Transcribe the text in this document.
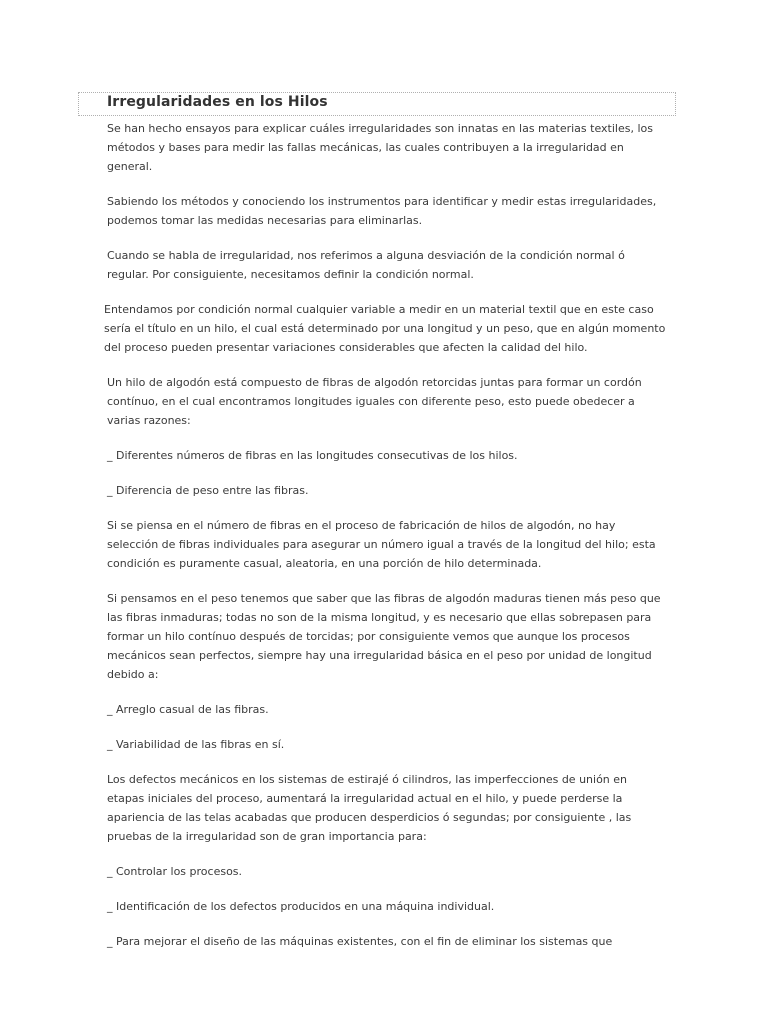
Irregularidades en los Hilos

Se han hecho ensayos para explicar cuáles irregularidades son innatas en las materias textiles, los métodos y bases para medir las fallas mecánicas, las cuales contribuyen a la irregularidad en general.

Sabiendo los métodos y conociendo los instrumentos para identificar y medir estas irregularidades, podemos tomar las medidas necesarias para eliminarlas.

Cuando se habla de irregularidad, nos referimos a alguna desviación de la condición normal ó regular. Por consiguiente, necesitamos definir la condición normal.

Entendamos por condición normal cualquier variable a medir en un material textil que en este caso sería el título en un hilo, el cual está determinado por una longitud y un peso, que en algún momento del proceso pueden presentar variaciones considerables que afecten la calidad del hilo.

Un hilo de algodón está compuesto de fibras de algodón retorcidas juntas para formar un cordón contínuo, en el cual encontramos longitudes iguales con diferente peso, esto puede obedecer a varias razones:

_ Diferentes números de fibras en las longitudes consecutivas de los hilos.

_ Diferencia de peso entre las fibras.

Si se piensa en el número de fibras en el proceso de fabricación de hilos de algodón, no hay selección de fibras individuales para asegurar un número igual a través de la longitud del hilo; esta condición es puramente casual, aleatoria, en una porción de hilo determinada.

Si pensamos en el peso tenemos que saber que las fibras de algodón maduras tienen más peso que las fibras inmaduras; todas no son de la misma longitud, y es necesario que ellas sobrepasen para formar un hilo contínuo después de torcidas; por consiguiente vemos que aunque los procesos mecánicos sean perfectos, siempre hay una irregularidad básica en el peso por unidad de longitud debido a:

_ Arreglo casual de las fibras.

_ Variabilidad de las fibras en sí.

Los defectos mecánicos en los sistemas de estirajé ó cilindros, las imperfecciones de unión en etapas iniciales del proceso, aumentará la irregularidad actual en el hilo, y puede perderse la apariencia de las telas acabadas que producen desperdicios ó segundas; por consiguiente , las pruebas de la irregularidad son de gran importancia para:

_ Controlar los procesos.

_ Identificación de los defectos producidos en una máquina individual.

_ Para mejorar el diseño de las máquinas existentes, con el fin de eliminar los sistemas que
